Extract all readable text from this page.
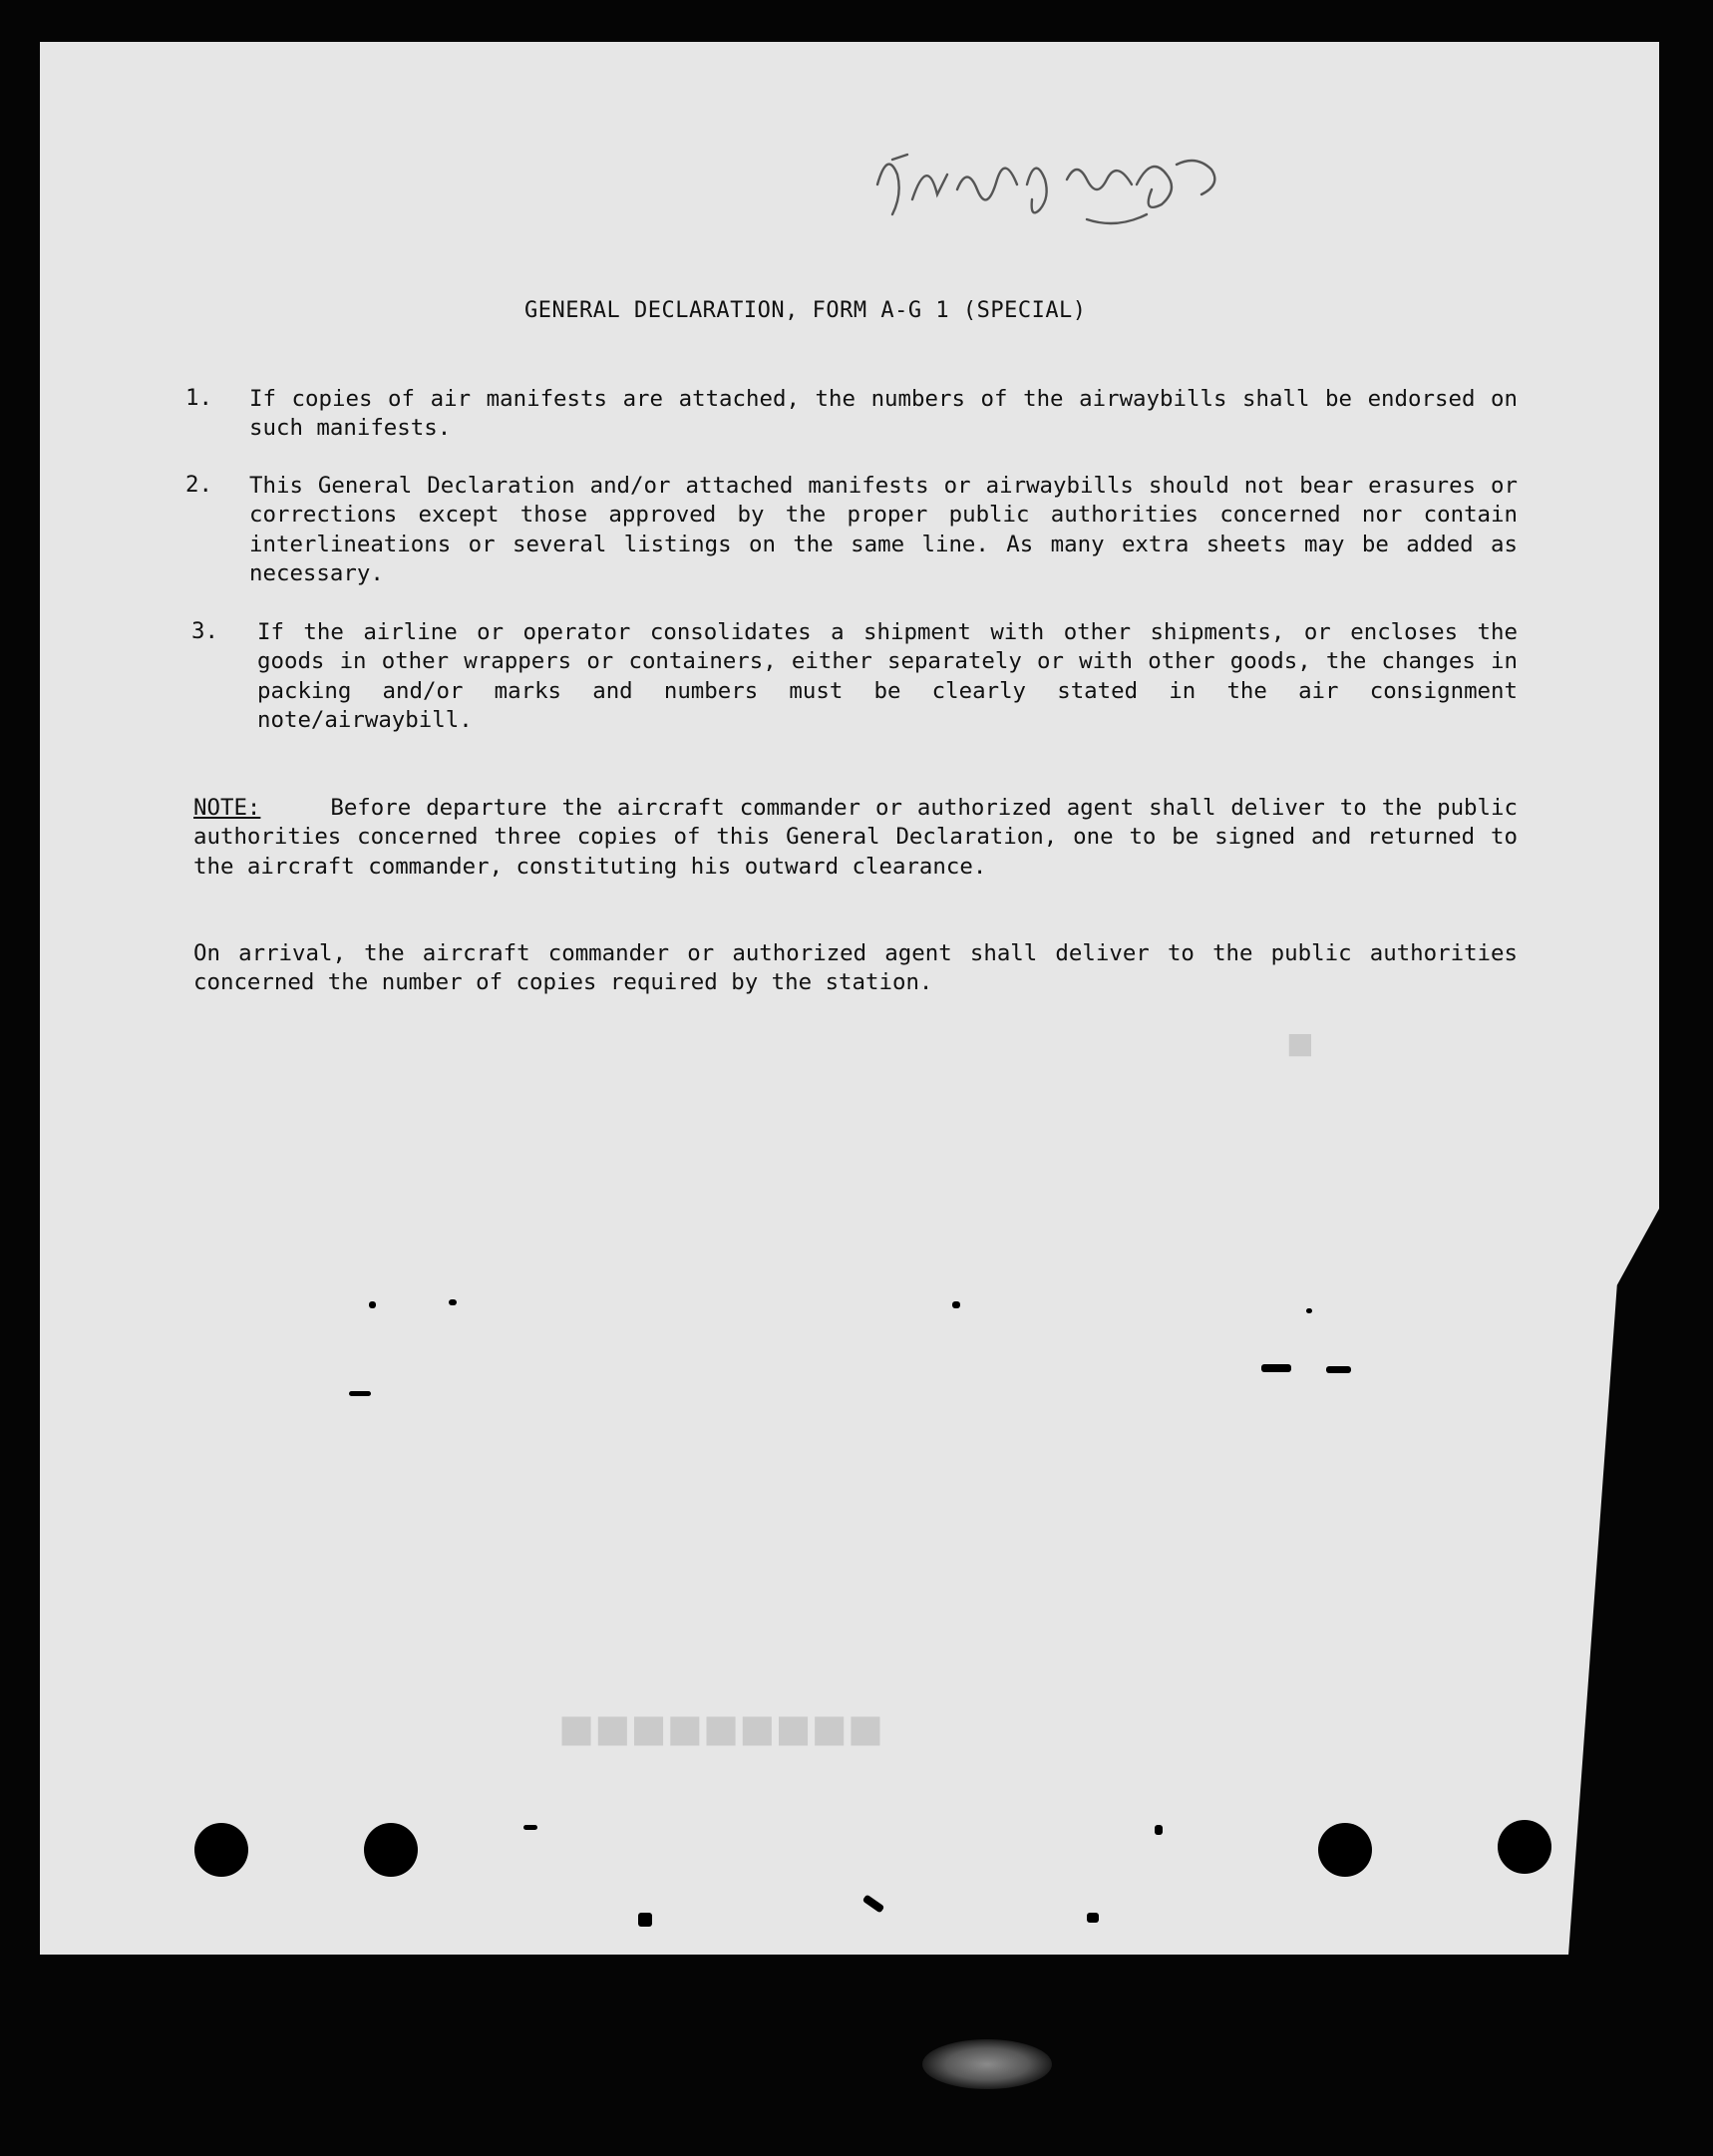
■
■■■■■■■■■
GENERAL DECLARATION, FORM A-G 1 (SPECIAL)
1. If copies of air manifests are attached, the numbers of the airwaybills shall be endorsed on such manifests.
2. This General Declaration and/or attached manifests or airwaybills should not bear erasures or corrections except those approved by the proper public authorities concerned nor contain interlineations or several listings on the same line. As many extra sheets may be added as necessary.
3. If the airline or operator consolidates a shipment with other shipments, or encloses the goods in other wrappers or containers, either separately or with other goods, the changes in packing and/or marks and numbers must be clearly stated in the air consignment note/airwaybill.
NOTE:	Before departure the aircraft commander or authorized agent shall deliver to the public authorities concerned three copies of this General Declaration, one to be signed and returned to the aircraft commander, constituting his outward clearance.
On arrival, the aircraft commander or authorized agent shall deliver to the public authorities concerned the number of copies required by the station.
